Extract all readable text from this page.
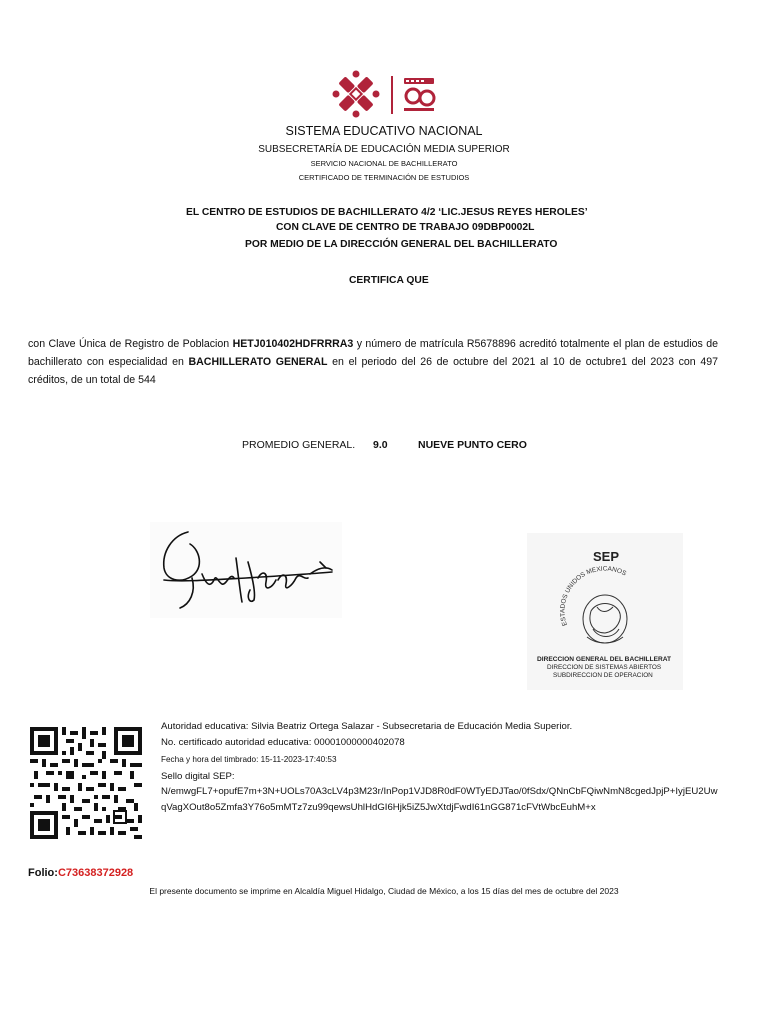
SISTEMA EDUCATIVO NACIONAL
SUBSECRETARÍA DE EDUCACIÓN MEDIA SUPERIOR
SERVICIO NACIONAL DE BACHILLERATO
CERTIFICADO DE TERMINACIÓN DE ESTUDIOS
EL CENTRO DE ESTUDIOS DE BACHILLERATO 4/2 ‘LIC.JESUS REYES HEROLES’
CON CLAVE DE CENTRO DE TRABAJO 09DBP0002L
POR MEDIO DE LA DIRECCIÓN GENERAL DEL BACHILLERATO
CERTIFICA QUE
con Clave Única de Registro de Poblacion HETJ010402HDFRRRA3 y número de matrícula R5678896 acreditó totalmente el plan de estudios de bachillerato con especialidad en BACHILLERATO GENERAL en el periodo del 26 de octubre del 2021 al 10 de octubre1 del 2023 con 497 créditos, de un total de 544
PROMEDIO GENERAL. 9.0	NUEVE PUNTO CERO
SEP
ESTADOS UNIDOS MEXICANOS
DIRECCION GENERAL DEL BACHILLERAT
DIRECCION DE SISTEMAS ABIERTOS
SUBDIRECCION DE OPERACION
Autoridad educativa: Silvia Beatriz Ortega Salazar - Subsecretaria de Educación Media Superior.
No. certificado autoridad educativa: 00001000000402078
Fecha y hora del timbrado: 15-11-2023-17:40:53
Sello digital SEP:
N/emwgFL7+opufE7m+3N+UOLs70A3cLV4p3M23r/InPop1VJD8R0dF0WTyEDJTao/0fSdx/QNnCbFQiwNmN8cgedJpjP+IyjEU2UwqVagXOut8o5Zmfa3Y76o5mMTz7zu99qewsUhlHdGI6Hjk5iZ5JwXtdjFwdI61nGG871cFVtWbcEuhM+x
Folio:C73638372928
El presente documento se imprime en Alcaldía Miguel Hidalgo, Ciudad de México, a los 15 días del mes de octubre del 2023
